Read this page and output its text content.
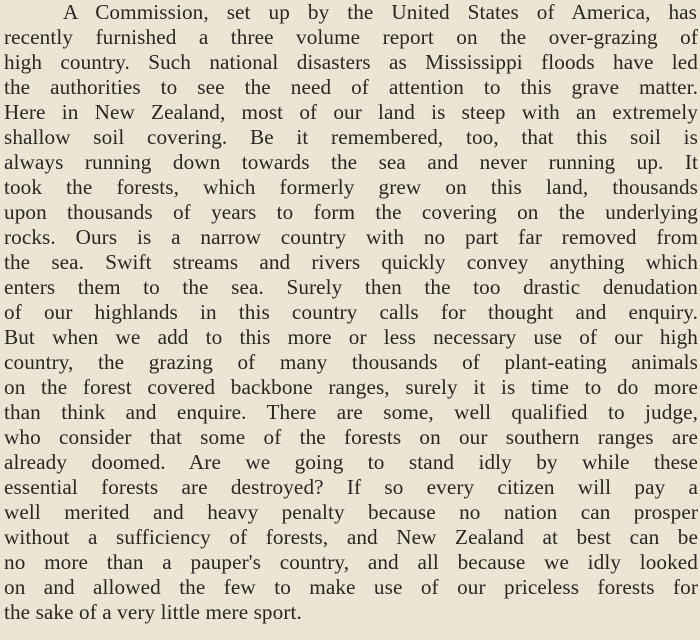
A Commission, set up by the United States of America, has
recently furnished a three volume report on the over-grazing of
high country. Such national disasters as Mississippi floods have led
the authorities to see the need of attention to this grave matter.
Here in New Zealand, most of our land is steep with an extremely
shallow soil covering. Be it remembered, too, that this soil is
always running down towards the sea and never running up. It
took the forests, which formerly grew on this land, thousands
upon thousands of years to form the covering on the underlying
rocks. Ours is a narrow country with no part far removed from
the sea. Swift streams and rivers quickly convey anything which
enters them to the sea. Surely then the too drastic denudation
of our highlands in this country calls for thought and enquiry.
But when we add to this more or less necessary use of our high
country, the grazing of many thousands of plant-eating animals
on the forest covered backbone ranges, surely it is time to do more
than think and enquire. There are some, well qualified to judge,
who consider that some of the forests on our southern ranges are
already doomed. Are we going to stand idly by while these
essential forests are destroyed? If so every citizen will pay a
well merited and heavy penalty because no nation can prosper
without a sufficiency of forests, and New Zealand at best can be
no more than a pauper's country, and all because we idly looked
on and allowed the few to make use of our priceless forests for
the sake of a very little mere sport.
